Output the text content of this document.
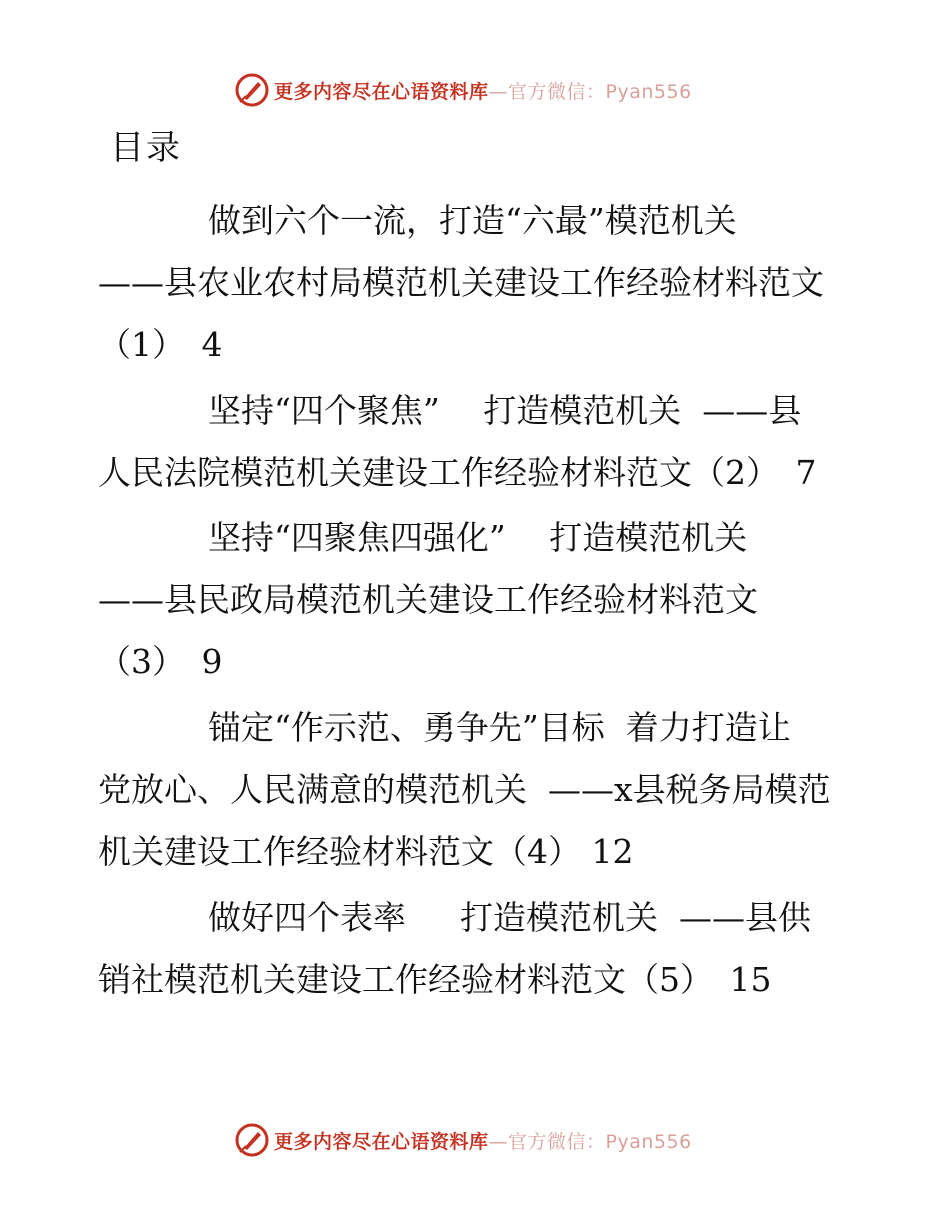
更多内容尽在心语资料库—官方微信：Pyan556
目录
做到六个一流，打造“六最”模范机关
——县农业农村局模范机关建设工作经验材料范文
（1）　4
坚持“四个聚焦”　 打造模范机关  ——县
人民法院模范机关建设工作经验材料范文（2）　7
坚持“四聚焦四强化”　 打造模范机关
——县民政局模范机关建设工作经验材料范文
（3）　9
锚定“作示范、勇争先”目标  着力打造让
党放心、人民满意的模范机关  ——x县税务局模范
机关建设工作经验材料范文（4） 12
做好四个表率　  打造模范机关  ——县供
销社模范机关建设工作经验材料范文（5）　15
更多内容尽在心语资料库—官方微信：Pyan556
